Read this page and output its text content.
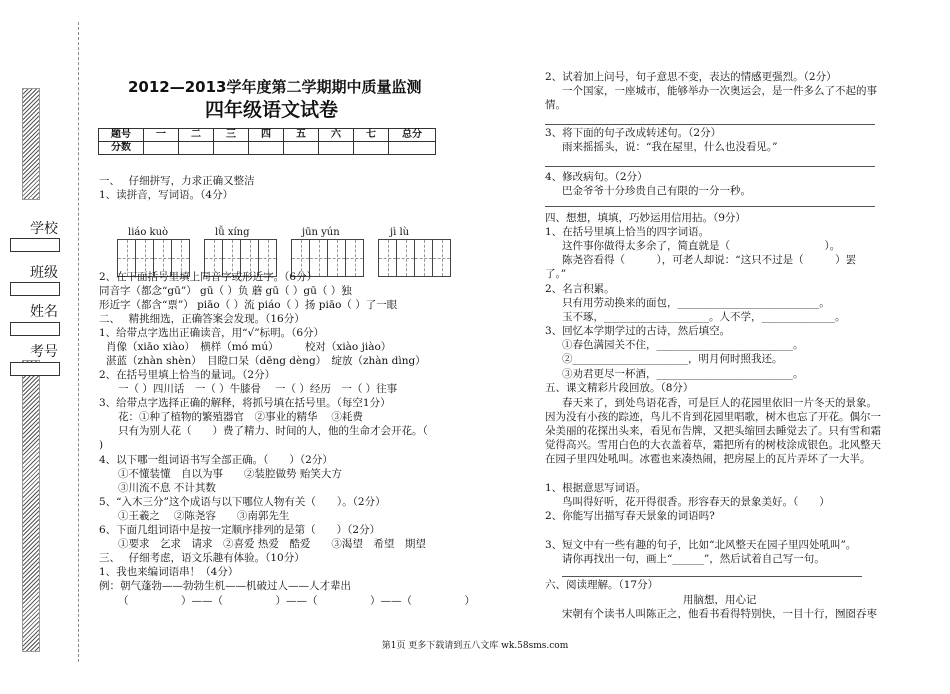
学校
班级
姓名
考号
2012—2013学年度第二学期期中质量监测
四年级语文试卷
题号	一	二	三	四	五	六	七	总分
分数								
一、　 仔细拼写，力求正确又整洁
1、读拼音，写词语。（4分）
liáo kuò	lǚ xíng	jūn yún	jì lù
2、在下面括号里填上同音字或形近字。（6分）
同音字（都念“gū”） gū（ ）负 蘑 gū（ ）gū（ ）独
形近字（都含“票”） piāo（ ）流 piáo（ ）扬 piāo（ ）了一眼
二、　 精挑细选，正确答案会发现。（16分）
1、给带点字选出正确读音，用“√”标明。（6分）
肖像（xiāo xiào）　横样（mó mú）　　　校对（xiào jiào）
湛蓝（zhàn shèn）　目瞪口呆（dēng dèng）　绽放（zhàn dìng）
2、在括号里填上恰当的量词。（2分）
一（ ）四川话　一（ ）牛膝骨　 一（ ）经历　一（ ）往事
3、给带点字选择正确的解释，将抓号填在括号里。（每空1分）
花：①种了植物的繁殖器官　②事业的精华　 ③耗费
只有为别人花（　　）费了精力、时间的人，他的生命才会开花。（
)
4、以下哪一组词语书写全部正确。（　　）（2分）
①不懂装懂　自以为事　　②装腔做势 贻笑大方
③川流不息 不计其数
5、“入木三分”这个成语与以下哪位人物有关（　　）。（2分）
①王羲之　 ②陈尧容　　③南郭先生
6、下面几组词语中是按一定顺序排列的是第（　　）（2分）
①要求　乞求　请求　②喜爱 热爱　酷爱　　③渴望　希望　期望
三、　 仔细考虑，语文乐趣有体验。（10分）
1、我也来编词语串！（4分）
例：朝气蓬勃——勃勃生机——机破过人——人才辈出
（　　　　　）——（　　　　　）——（　　　　　）——（　　　　　）
2、试着加上问号，句子意思不变，表达的情感更强烈。（2分）
一个国家，一座城市，能够举办一次奥运会，是一件多么了不起的事
情。
3、将下面的句子改成转述句。（2分）
雨来摇摇头，说：“我在屋里，什么也没看见。”
4、修改病句。（2分）
巴金爷爷十分珍贵自己有限的一分一秒。
四、想想，填填，巧妙运用信用拈。（9分）
1、在括号里填上恰当的四字词语。
这件事你做得太多余了，简直就是（　　　　　　　　　）。
陈尧咨看得（　　　），可老人却说：“这只不过是（　　　）罢
了。”
2、名言积累。
只有用劳动换来的面包，___________________________。
玉不琢，____________________。人不学，______________。
3、回忆本学期学过的古诗，然后填空。
①春色满园关不住，__________________________。
②______________________，明月何时照我还。
③劝君更尽一杯酒，__________________________。
五、课文精彩片段回放。（8分）
春天来了，到处鸟语花香，可是巨人的花园里依旧一片冬天的景象。
因为没有小孩的踪迹，鸟儿不肯到花园里唱歌，树木也忘了开花。偶尔一
朵美丽的花探出头来，看见布告牌，又把头缩回去睡觉去了。只有雪和霜
觉得高兴。雪用白色的大衣盖着草，霜把所有的树枝涂成银色。北风整天
在园子里四处吼叫。冰雹也来凑热闹，把房屋上的瓦片弄坏了一大半。
1、根据意思写词语。
鸟叫得好听，花开得很香。形容春天的景象美好。（　　）
2、你能写出描写春天景象的词语吗?
3、短文中有一些有趣的句子，比如“北风整天在园子里四处吼叫”。
请你再找出一句，画上“______”，然后试着自己写一句。
六、阅读理解。（17分）
用脑想，用心记
宋朝有个读书人叫陈正之，他看书看得特别快，一目十行，囫囵吞枣
第1页 更多下载请到五八文库 wk.58sms.com
